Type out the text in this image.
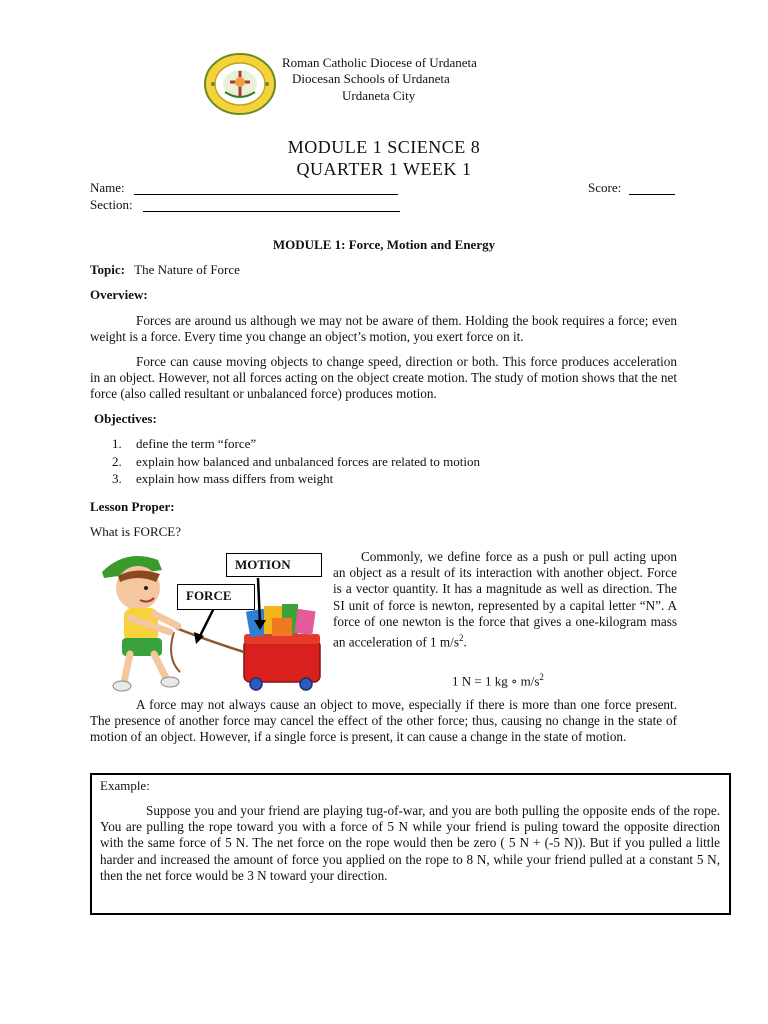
Roman Catholic Diocese of Urdaneta
Diocesan Schools of Urdaneta
Urdaneta City
MODULE 1 SCIENCE 8
QUARTER 1 WEEK 1
Name:
Section:
Score:
MODULE 1: Force, Motion and Energy
Topic: The Nature of Force
Overview:

Forces are around us although we may not be aware of them. Holding the book requires a force; even weight is a force. Every time you change an object’s motion, you exert force on it.

Force can cause moving objects to change speed, direction or both. This force produces acceleration in an object. However, not all forces acting on the object create motion. The study of motion shows that the net force (also called resultant or unbalanced force) produces motion.

Objectives:
1. define the term “force”
2. explain how balanced and unbalanced forces are related to motion
3. explain how mass differs from weight
Lesson Proper:
What is FORCE?
MOTION
FORCE

Commonly, we define force as a push or pull acting upon an object as a result of its interaction with another object. Force is a vector quantity. It has a magnitude as well as direction. The SI unit of force is newton, represented by a capital letter “N”. A force of one newton is the force that gives a one-kilogram mass an acceleration of 1 $m/s^2$.

1 N = 1 kg ∘ $m/s^2$

A force may not always cause an object to move, especially if there is more than one force present. The presence of another force may cancel the effect of the other force; thus, causing no change in the state of motion of an object. However, if a single force is present, it can cause a change in the state of motion.

Example:

Suppose you and your friend are playing tug-of-war, and you are both pulling the opposite ends of the rope. You are pulling the rope toward you with a force of 5 N while your friend is puling toward the opposite direction with the same force of 5 N. The net force on the rope would then be zero ( 5 N + (-5 N)). But if you pulled a little harder and increased the amount of force you applied on the rope to 8 N, while your friend pulled at a constant 5 N, then the net force would be 3 N toward your direction.
